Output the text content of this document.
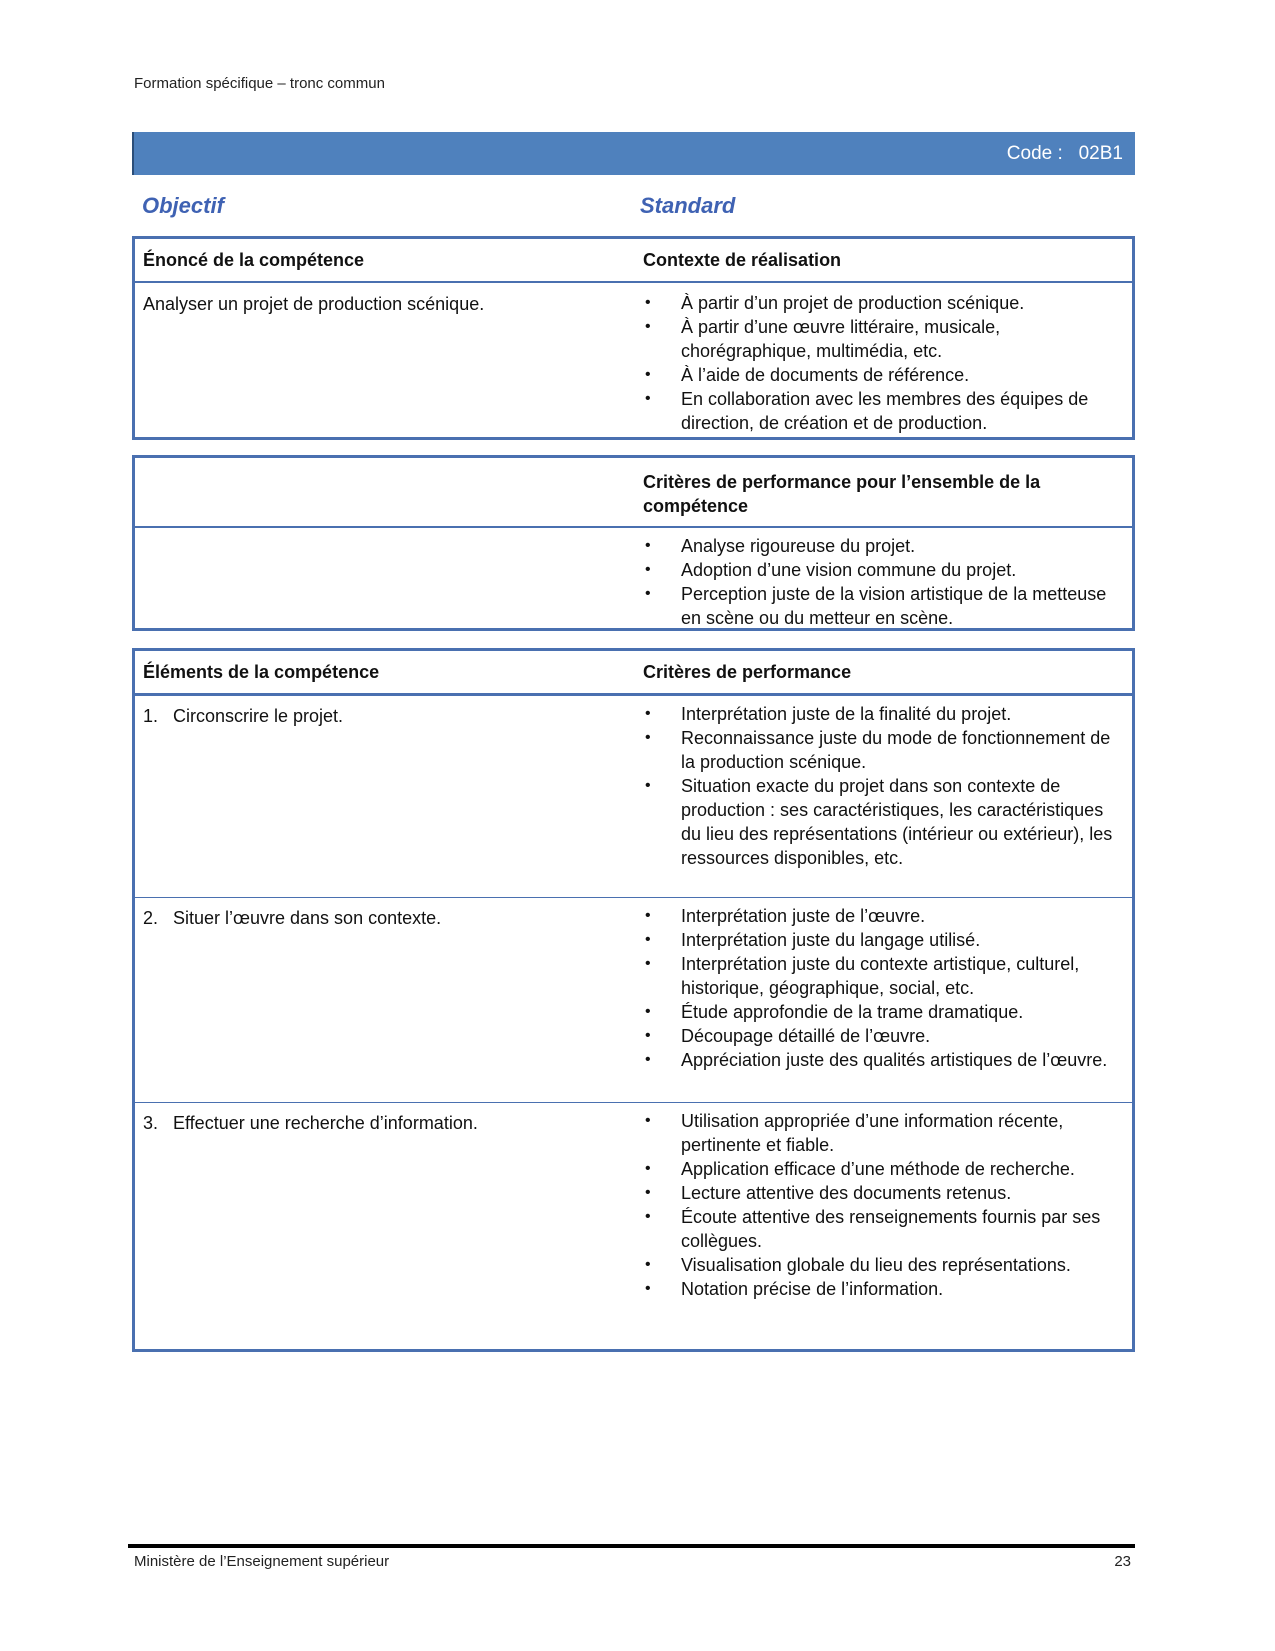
Formation spécifique – tronc commun
Code :   02B1
Objectif	Standard
Énoncé de la compétence	Contexte de réalisation
Analyser un projet de production scénique.	• À partir d’un projet de production scénique.
• À partir d’une œuvre littéraire, musicale, chorégraphique, multimédia, etc.
• À l’aide de documents de référence.
• En collaboration avec les membres des équipes de direction, de création et de production.
Critères de performance pour l’ensemble de la compétence
• Analyse rigoureuse du projet.
• Adoption d’une vision commune du projet.
• Perception juste de la vision artistique de la metteuse en scène ou du metteur en scène.
Éléments de la compétence	Critères de performance
1. Circonscrire le projet.	• Interprétation juste de la finalité du projet.
• Reconnaissance juste du mode de fonctionnement de la production scénique.
• Situation exacte du projet dans son contexte de production : ses caractéristiques, les caractéristiques du lieu des représentations (intérieur ou extérieur), les ressources disponibles, etc.
2. Situer l’œuvre dans son contexte.	• Interprétation juste de l’œuvre.
• Interprétation juste du langage utilisé.
• Interprétation juste du contexte artistique, culturel, historique, géographique, social, etc.
• Étude approfondie de la trame dramatique.
• Découpage détaillé de l’œuvre.
• Appréciation juste des qualités artistiques de l’œuvre.
3. Effectuer une recherche d’information.	• Utilisation appropriée d’une information récente, pertinente et fiable.
• Application efficace d’une méthode de recherche.
• Lecture attentive des documents retenus.
• Écoute attentive des renseignements fournis par ses collègues.
• Visualisation globale du lieu des représentations.
• Notation précise de l’information.
Ministère de l’Enseignement supérieur	23
